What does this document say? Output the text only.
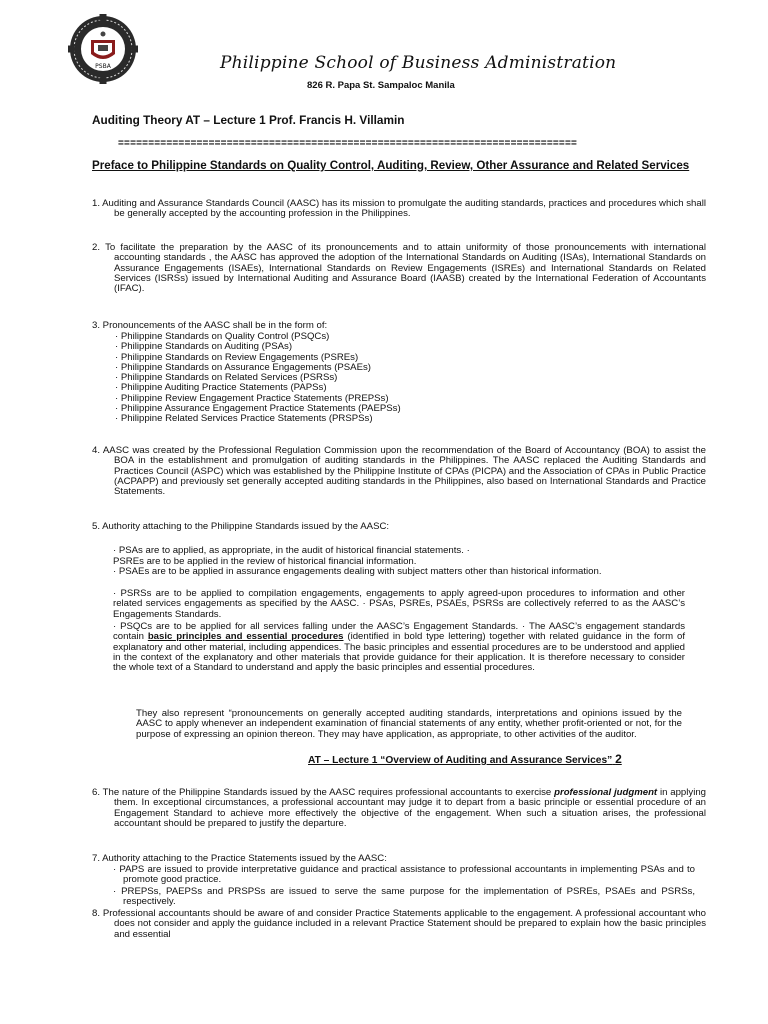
PSBA	Philippine School of Business Administration
826 R. Papa St. Sampaloc Manila
Auditing Theory AT – Lecture 1 Prof. Francis H. Villamin
============================================================================
Preface to Philippine Standards on Quality Control, Auditing, Review, Other Assurance and Related Services
1. Auditing and Assurance Standards Council (AASC) has its mission to promulgate the auditing standards, practices and procedures which shall be generally accepted by the accounting profession in the Philippines.
2. To facilitate the preparation by the AASC of its pronouncements and to attain uniformity of those pronouncements with international accounting standards , the AASC has approved the adoption of the International Standards on Auditing (ISAs), International Standards on Assurance Engagements (ISAEs), International Standards on Review Engagements (ISREs) and International Standards on Related Services (ISRSs) issued by International Auditing and Assurance Board (IAASB) created by the International Federation of Accountants (IFAC).
3. Pronouncements of the AASC shall be in the form of:
· Philippine Standards on Quality Control (PSQCs)
· Philippine Standards on Auditing (PSAs)
· Philippine Standards on Review Engagements (PSREs)
· Philippine Standards on Assurance Engagements (PSAEs)
· Philippine Standards on Related Services (PSRSs)
· Philippine Auditing Practice Statements (PAPSs)
· Philippine Review Engagement Practice Statements (PREPSs)
· Philippine Assurance Engagement Practice Statements (PAEPSs)
· Philippine Related Services Practice Statements (PRSPSs)
4. AASC was created by the Professional Regulation Commission upon the recommendation of the Board of Accountancy (BOA) to assist the BOA in the establishment and promulgation of auditing standards in the Philippines. The AASC replaced the Auditing Standards and Practices Council (ASPC) which was established by the Philippine Institute of CPAs (PICPA) and the Association of CPAs in Public Practice (ACPAPP) and previously set generally accepted auditing standards in the Philippines, also based on International Standards and Practice Statements.
5. Authority attaching to the Philippine Standards issued by the AASC:
· PSAs are to applied, as appropriate, in the audit of historical financial statements. ·
PSREs are to be applied in the review of historical financial information.
· PSAEs are to be applied in assurance engagements dealing with subject matters other than historical information.
· PSRSs are to be applied to compilation engagements, engagements to apply agreed-upon procedures to information and other related services engagements as specified by the AASC. · PSAs, PSREs, PSAEs, PSRSs are collectively referred to as the AASC’s Engagements Standards.
· PSQCs are to be applied for all services falling under the AASC’s Engagement Standards. · The AASC’s engagement standards contain basic principles and essential procedures (identified in bold type lettering) together with related guidance in the form of explanatory and other material, including appendices. The basic principles and essential procedures are to be understood and applied in the context of the explanatory and other materials that provide guidance for their application. It is therefore necessary to consider the whole text of a Standard to understand and apply the basic principles and essential procedures.
They also represent “pronouncements on generally accepted auditing standards, interpretations and opinions issued by the AASC to apply whenever an independent examination of financial statements of any entity, whether profit-oriented or not, for the purpose of expressing an opinion thereon. They may have application, as appropriate, to other activities of the auditor.
AT – Lecture 1 “Overview of Auditing and Assurance Services” 2
6. The nature of the Philippine Standards issued by the AASC requires professional accountants to exercise professional judgment in applying them. In exceptional circumstances, a professional accountant may judge it to depart from a basic principle or essential procedure of an Engagement Standard to achieve more effectively the objective of the engagement. When such a situation arises, the professional accountant should be prepared to justify the departure.
7. Authority attaching to the Practice Statements issued by the AASC:
· PAPS are issued to provide interpretative guidance and practical assistance to professional accountants in implementing PSAs and to promote good practice.
· PREPSs, PAEPSs and PRSPSs are issued to serve the same purpose for the implementation of PSREs, PSAEs and PSRSs, respectively.
8. Professional accountants should be aware of and consider Practice Statements applicable to the engagement. A professional accountant who does not consider and apply the guidance included in a relevant Practice Statement should be prepared to explain how the basic principles and essential
